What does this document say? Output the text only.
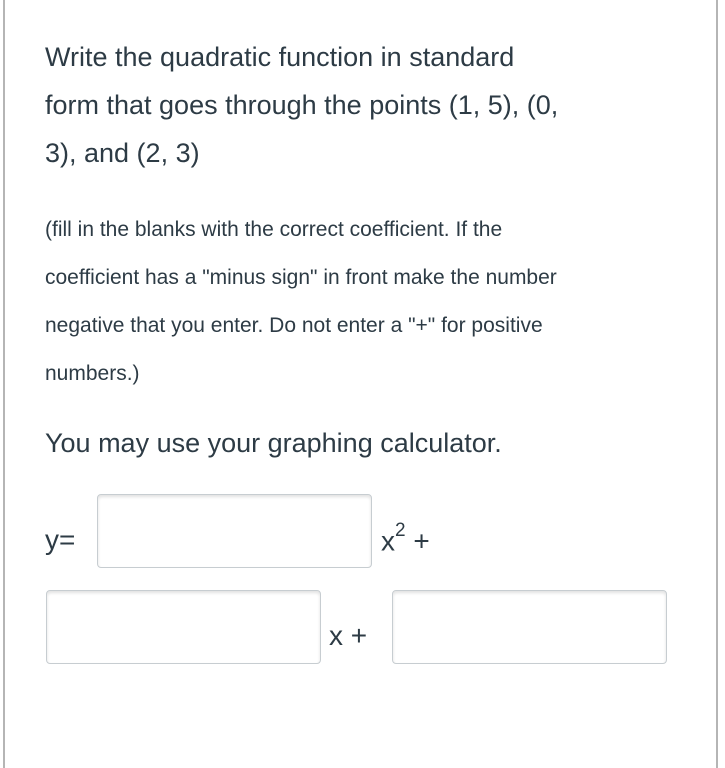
Write the quadratic function in standard
form that goes through the points (1, 5), (0,
3), and (2, 3)
(fill in the blanks with the correct coefficient. If the
coefficient has a "minus sign" in front make the number
negative that you enter. Do not enter a "+" for positive
numbers.)
You may use your graphing calculator.
y=	$x^2$ +
x +
